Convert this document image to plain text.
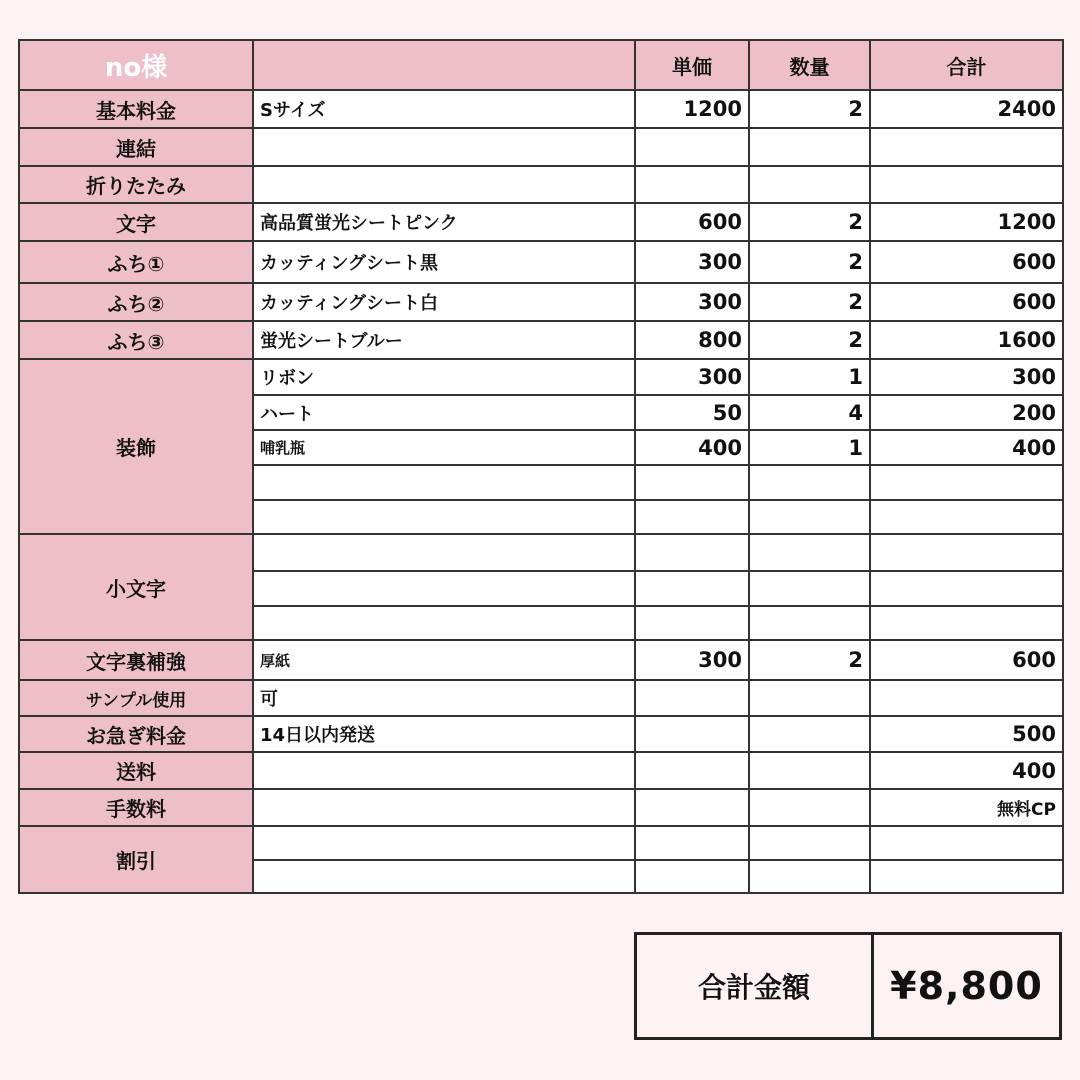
no様		単価	数量	合計
基本料金	Sサイズ	1200	2	2400
連結				
折りたたみ				
文字	高品質蛍光シートピンク	600	2	1200
ふち①	カッティングシート黒	300	2	600
ふち②	カッティングシート白	300	2	600
ふち③	蛍光シートブルー	800	2	1600
装飾	リボン	300	1	300
	ハート	50	4	200
	哺乳瓶	400	1	400

小文字				

文字裏補強	厚紙	300	2	600
サンプル使用	可			
お急ぎ料金	14日以内発送			500
送料				400
手数料				無料CP
割引				

合計金額	¥8,800
